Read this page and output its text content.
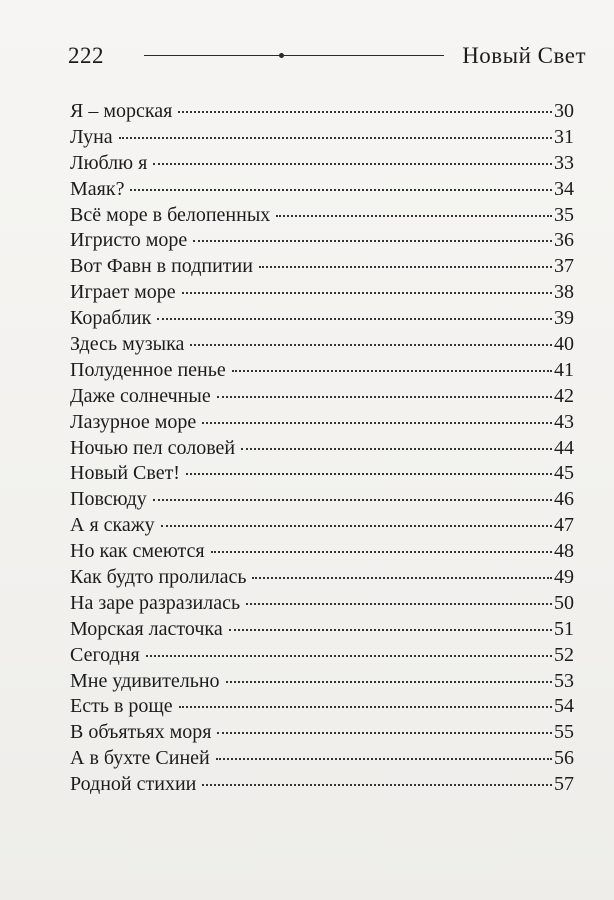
222	Новый Свет
Я – морская	30
Луна	31
Люблю я	33
Маяк?	34
Всё море в белопенных	35
Игристо море	36
Вот Фавн в подпитии	37
Играет море	38
Кораблик	39
Здесь музыка	40
Полуденное пенье	41
Даже солнечные	42
Лазурное море	43
Ночью пел соловей	44
Новый Свет!	45
Повсюду	46
А я скажу	47
Но как смеются	48
Как будто пролилась	49
На заре разразилась	50
Морская ласточка	51
Сегодня	52
Мне удивительно	53
Есть в роще	54
В объятьях моря	55
А в бухте Синей	56
Родной стихии	57
